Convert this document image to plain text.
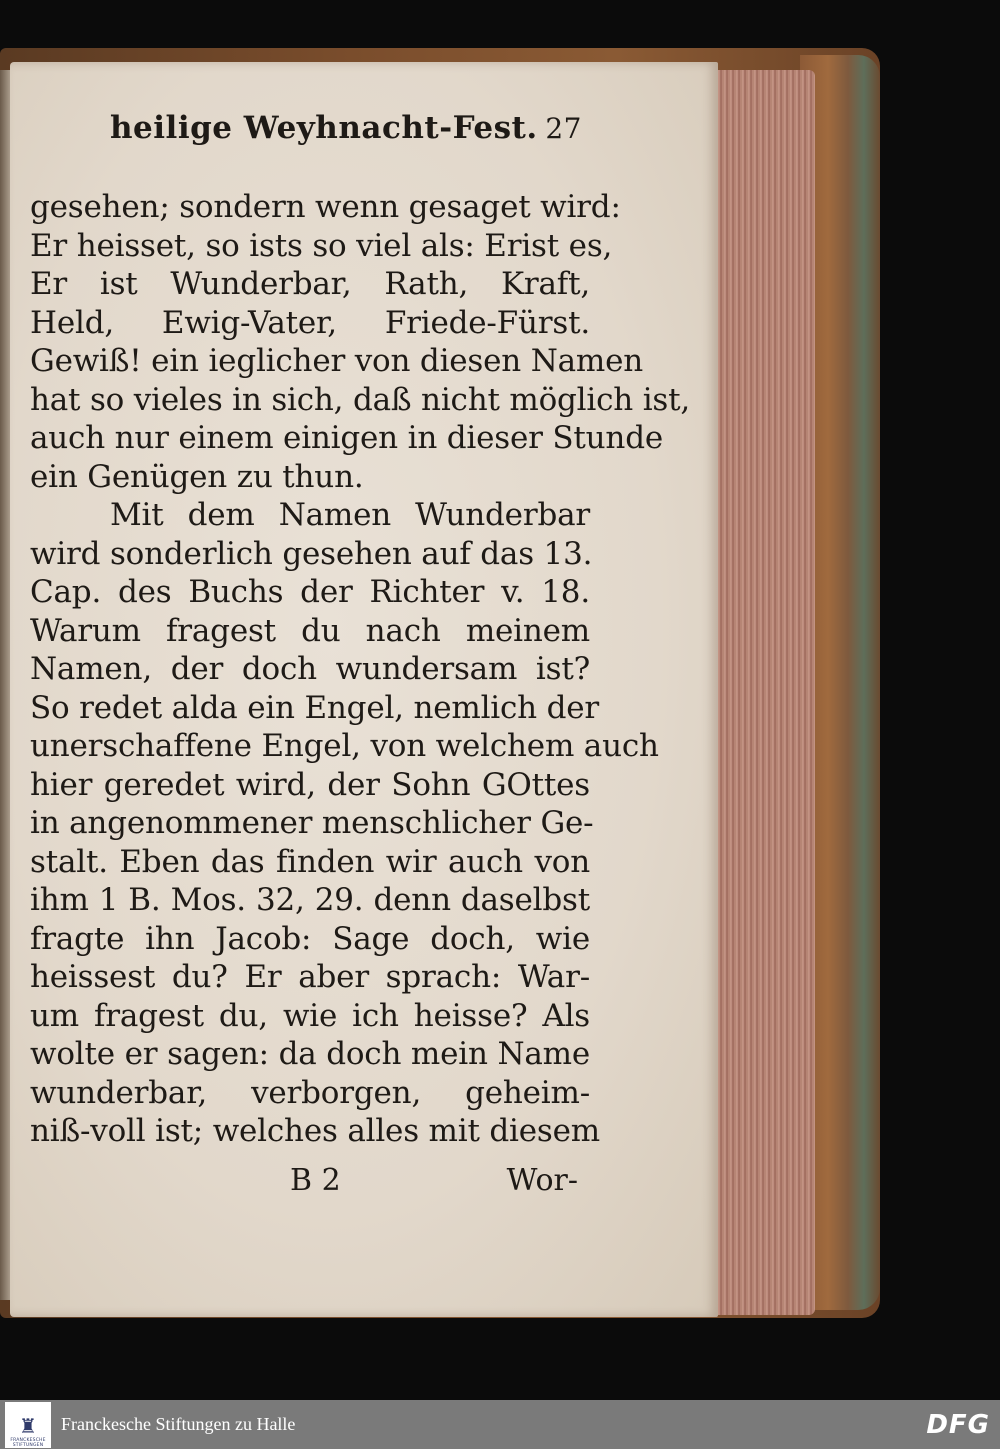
heilige Weyhnacht-Fest. 27
gesehen; sondern wenn gesaget wird:
Er heisset, so ists so viel als: Erist es,
Er ist Wunderbar, Rath, Kraft,
Held, Ewig-Vater, Friede-Fürst.
Gewiß! ein ieglicher von diesen Namen
hat so vieles in sich, daß nicht möglich ist,
auch nur einem einigen in dieser Stunde
ein Genügen zu thun.
Mit dem Namen Wunderbar
wird sonderlich gesehen auf das 13.
Cap. des Buchs der Richter v. 18.
Warum fragest du nach meinem
Namen, der doch wundersam ist?
So redet alda ein Engel, nemlich der
unerschaffene Engel, von welchem auch
hier geredet wird, der Sohn GOttes
in angenommener menschlicher Ge-
stalt. Eben das finden wir auch von
ihm 1 B. Mos. 32, 29. denn daselbst
fragte ihn Jacob: Sage doch, wie
heissest du? Er aber sprach: War-
um fragest du, wie ich heisse? Als
wolte er sagen: da doch mein Name
wunderbar, verborgen, geheim-
niß-voll ist; welches alles mit diesem
B 2	Wor-
♜
FRANCKESCHE
STIFTUNGEN
Franckesche Stiftungen zu Halle	DFG
